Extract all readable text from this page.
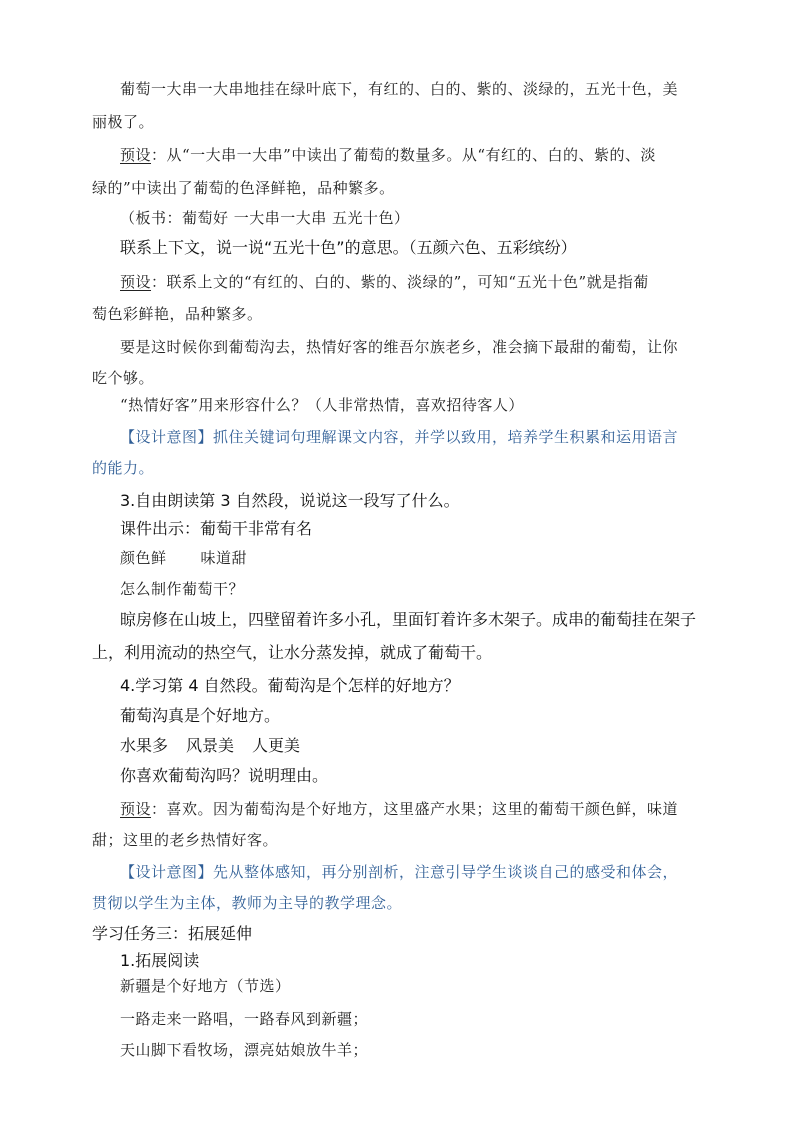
葡萄一大串一大串地挂在绿叶底下，有红的、白的、紫的、淡绿的，五光十色，美
丽极了。
预设：从“一大串一大串”中读出了葡萄的数量多。从“有红的、白的、紫的、淡
绿的”中读出了葡萄的色泽鲜艳，品种繁多。
（板书：葡萄好 一大串一大串 五光十色）
联系上下文，说一说“五光十色”的意思。（五颜六色、五彩缤纷）
预设：联系上文的“有红的、白的、紫的、淡绿的”，可知“五光十色”就是指葡
萄色彩鲜艳，品种繁多。
要是这时候你到葡萄沟去，热情好客的维吾尔族老乡，准会摘下最甜的葡萄，让你
吃个够。
“热情好客”用来形容什么？（人非常热情，喜欢招待客人）
【设计意图】抓住关键词句理解课文内容，并学以致用，培养学生积累和运用语言
的能力。
3.自由朗读第 3 自然段，说说这一段写了什么。
课件出示：葡萄干非常有名
颜色鲜 味道甜
怎么制作葡萄干？
晾房修在山坡上，四壁留着许多小孔，里面钉着许多木架子。成串的葡萄挂在架子
上，利用流动的热空气，让水分蒸发掉，就成了葡萄干。
4.学习第 4 自然段。葡萄沟是个怎样的好地方？
葡萄沟真是个好地方。
水果多 风景美 人更美
你喜欢葡萄沟吗？说明理由。
预设：喜欢。因为葡萄沟是个好地方，这里盛产水果；这里的葡萄干颜色鲜，味道
甜；这里的老乡热情好客。
【设计意图】先从整体感知，再分别剖析，注意引导学生谈谈自己的感受和体会，
贯彻以学生为主体，教师为主导的教学理念。
学习任务三：拓展延伸
1.拓展阅读
新疆是个好地方（节选）
一路走来一路唱，一路春风到新疆；
天山脚下看牧场，漂亮姑娘放牛羊；
